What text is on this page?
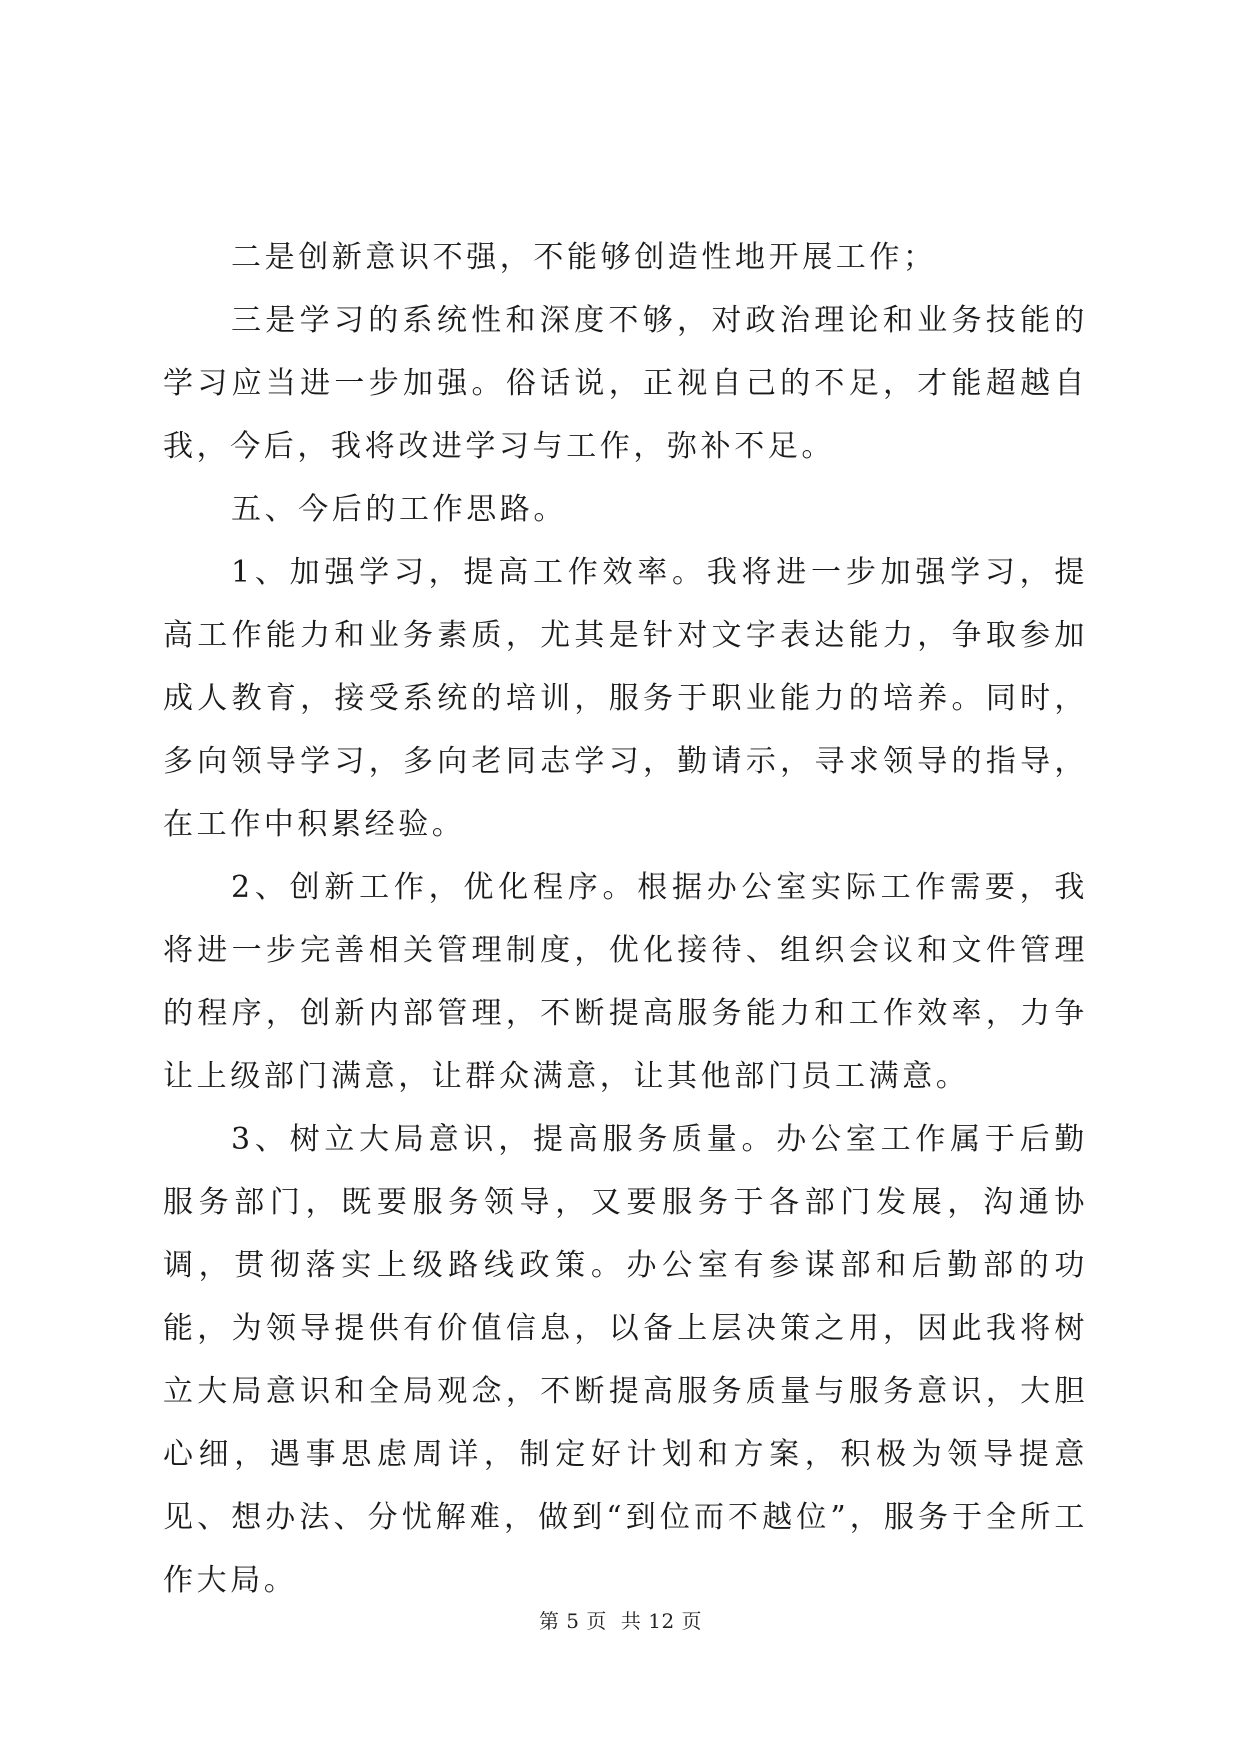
二是创新意识不强，不能够创造性地开展工作；

三是学习的系统性和深度不够，对政治理论和业务技能的学习应当进一步加强。俗话说，正视自己的不足，才能超越自我，今后，我将改进学习与工作，弥补不足。

五、今后的工作思路。

1、加强学习，提高工作效率。我将进一步加强学习，提高工作能力和业务素质，尤其是针对文字表达能力，争取参加成人教育，接受系统的培训，服务于职业能力的培养。同时，多向领导学习，多向老同志学习，勤请示，寻求领导的指导，在工作中积累经验。

2、创新工作，优化程序。根据办公室实际工作需要，我将进一步完善相关管理制度，优化接待、组织会议和文件管理的程序，创新内部管理，不断提高服务能力和工作效率，力争让上级部门满意，让群众满意，让其他部门员工满意。

3、树立大局意识，提高服务质量。办公室工作属于后勤服务部门，既要服务领导，又要服务于各部门发展，沟通协调，贯彻落实上级路线政策。办公室有参谋部和后勤部的功能，为领导提供有价值信息，以备上层决策之用，因此我将树立大局意识和全局观念，不断提高服务质量与服务意识，大胆心细，遇事思虑周详，制定好计划和方案，积极为领导提意见、想办法、分忧解难，做到“到位而不越位”，服务于全所工作大局。

第 5 页 共 12 页
